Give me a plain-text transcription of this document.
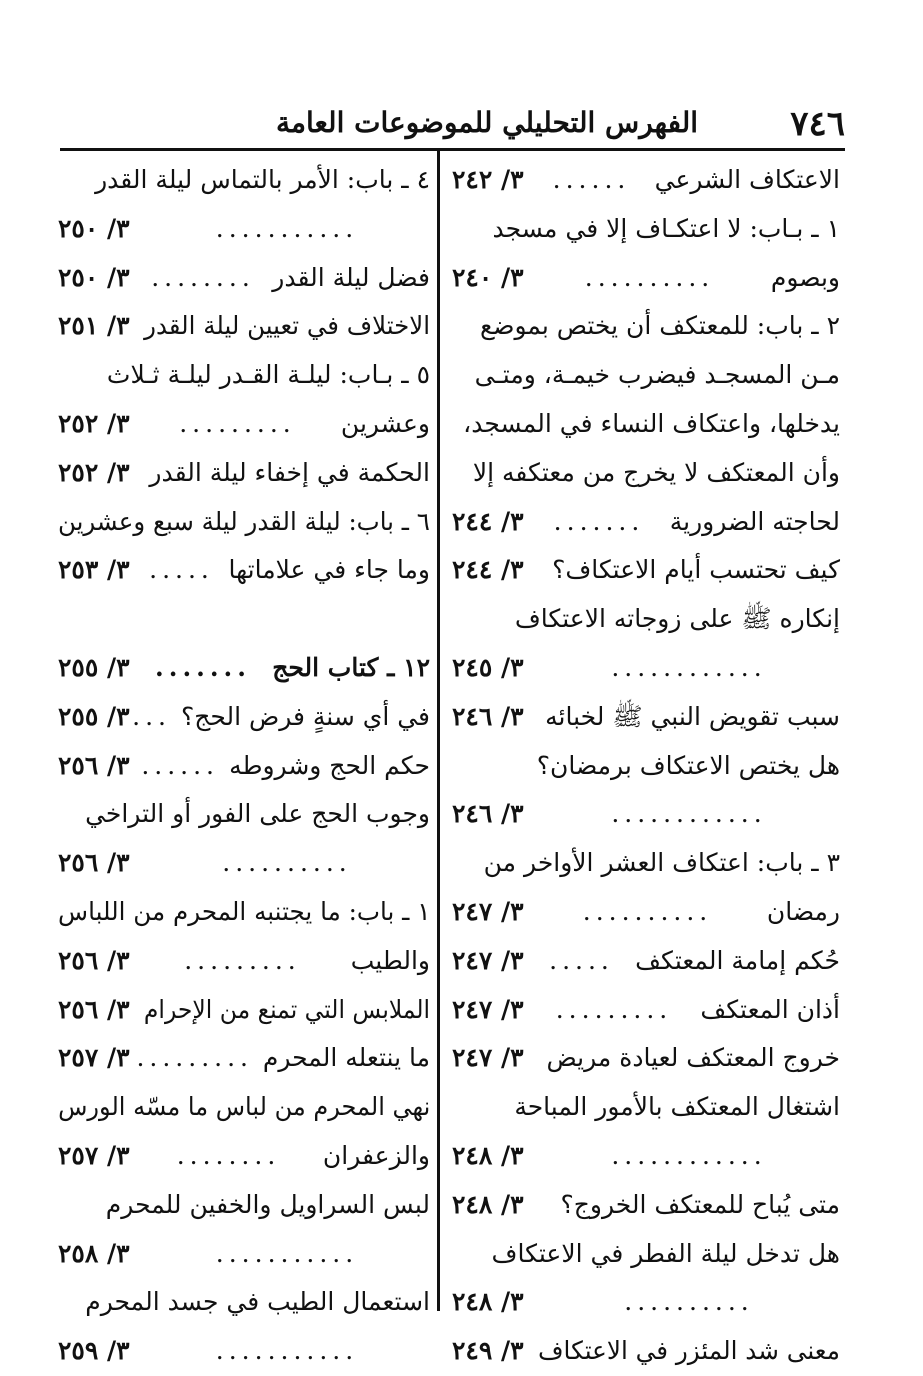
٧٤٦
الفهرس التحليلي للموضوعات العامة
الاعتكاف الشرعي
......
٣/ ٢٤٢
١ ـ بـاب: لا اعتكـاف إلا في مسجد
وبصوم
..........
٣/ ٢٤٠
٢ ـ باب: للمعتكف أن يختص بموضع
مـن المسجـد فيضرب خيمـة، ومتـى
يدخلها، واعتكاف النساء في المسجد،
وأن المعتكف لا يخرج من معتكفه إلا
لحاجته الضرورية
.......
٣/ ٢٤٤
كيف تحتسب أيام الاعتكاف؟
٣/ ٢٤٤
إنكاره ﷺ على زوجاته الاعتكاف
............
٣/ ٢٤٥
سبب تقويض النبي ﷺ لخبائه
٣/ ٢٤٦
هل يختص الاعتكاف برمضان؟
............
٣/ ٢٤٦
٣ ـ باب: اعتكاف العشر الأواخر من
رمضان
..........
٣/ ٢٤٧
حُكم إمامة المعتكف
.....
٣/ ٢٤٧
أذان المعتكف
.........
٣/ ٢٤٧
خروج المعتكف لعيادة مريض
٣/ ٢٤٧
اشتغال المعتكف بالأمور المباحة
............
٣/ ٢٤٨
متى يُباح للمعتكف الخروج؟
٣/ ٢٤٨
هل تدخل ليلة الفطر في الاعتكاف
..........
٣/ ٢٤٨
معنى شد المئزر في الاعتكاف
٣/ ٢٤٩
٤ ـ باب: الأمر بالتماس ليلة القدر
...........
٣/ ٢٥٠
فضل ليلة القدر
........
٣/ ٢٥٠
الاختلاف في تعيين ليلة القدر
٣/ ٢٥١
٥ ـ بـاب: ليلـة القـدر ليلـة ثـلاث
وعشرين
.........
٣/ ٢٥٢
الحكمة في إخفاء ليلة القدر
٣/ ٢٥٢
٦ ـ باب: ليلة القدر ليلة سبع وعشرين
وما جاء في علاماتها
.....
٣/ ٢٥٣
١٢ ـ كتاب الحج
.......
٣/ ٢٥٥
في أي سنةٍ فرض الحج؟
...
٣/ ٢٥٥
حكم الحج وشروطه
......
٣/ ٢٥٦
وجوب الحج على الفور أو التراخي
..........
٣/ ٢٥٦
١ ـ باب: ما يجتنبه المحرم من اللباس
والطيب
.........
٣/ ٢٥٦
الملابس التي تمنع من الإحرام
٣/ ٢٥٦
ما ينتعله المحرم
.........
٣/ ٢٥٧
نهي المحرم من لباس ما مسّه الورس
والزعفران
........
٣/ ٢٥٧
لبس السراويل والخفين للمحرم
...........
٣/ ٢٥٨
استعمال الطيب في جسد المحرم
...........
٣/ ٢٥٩
